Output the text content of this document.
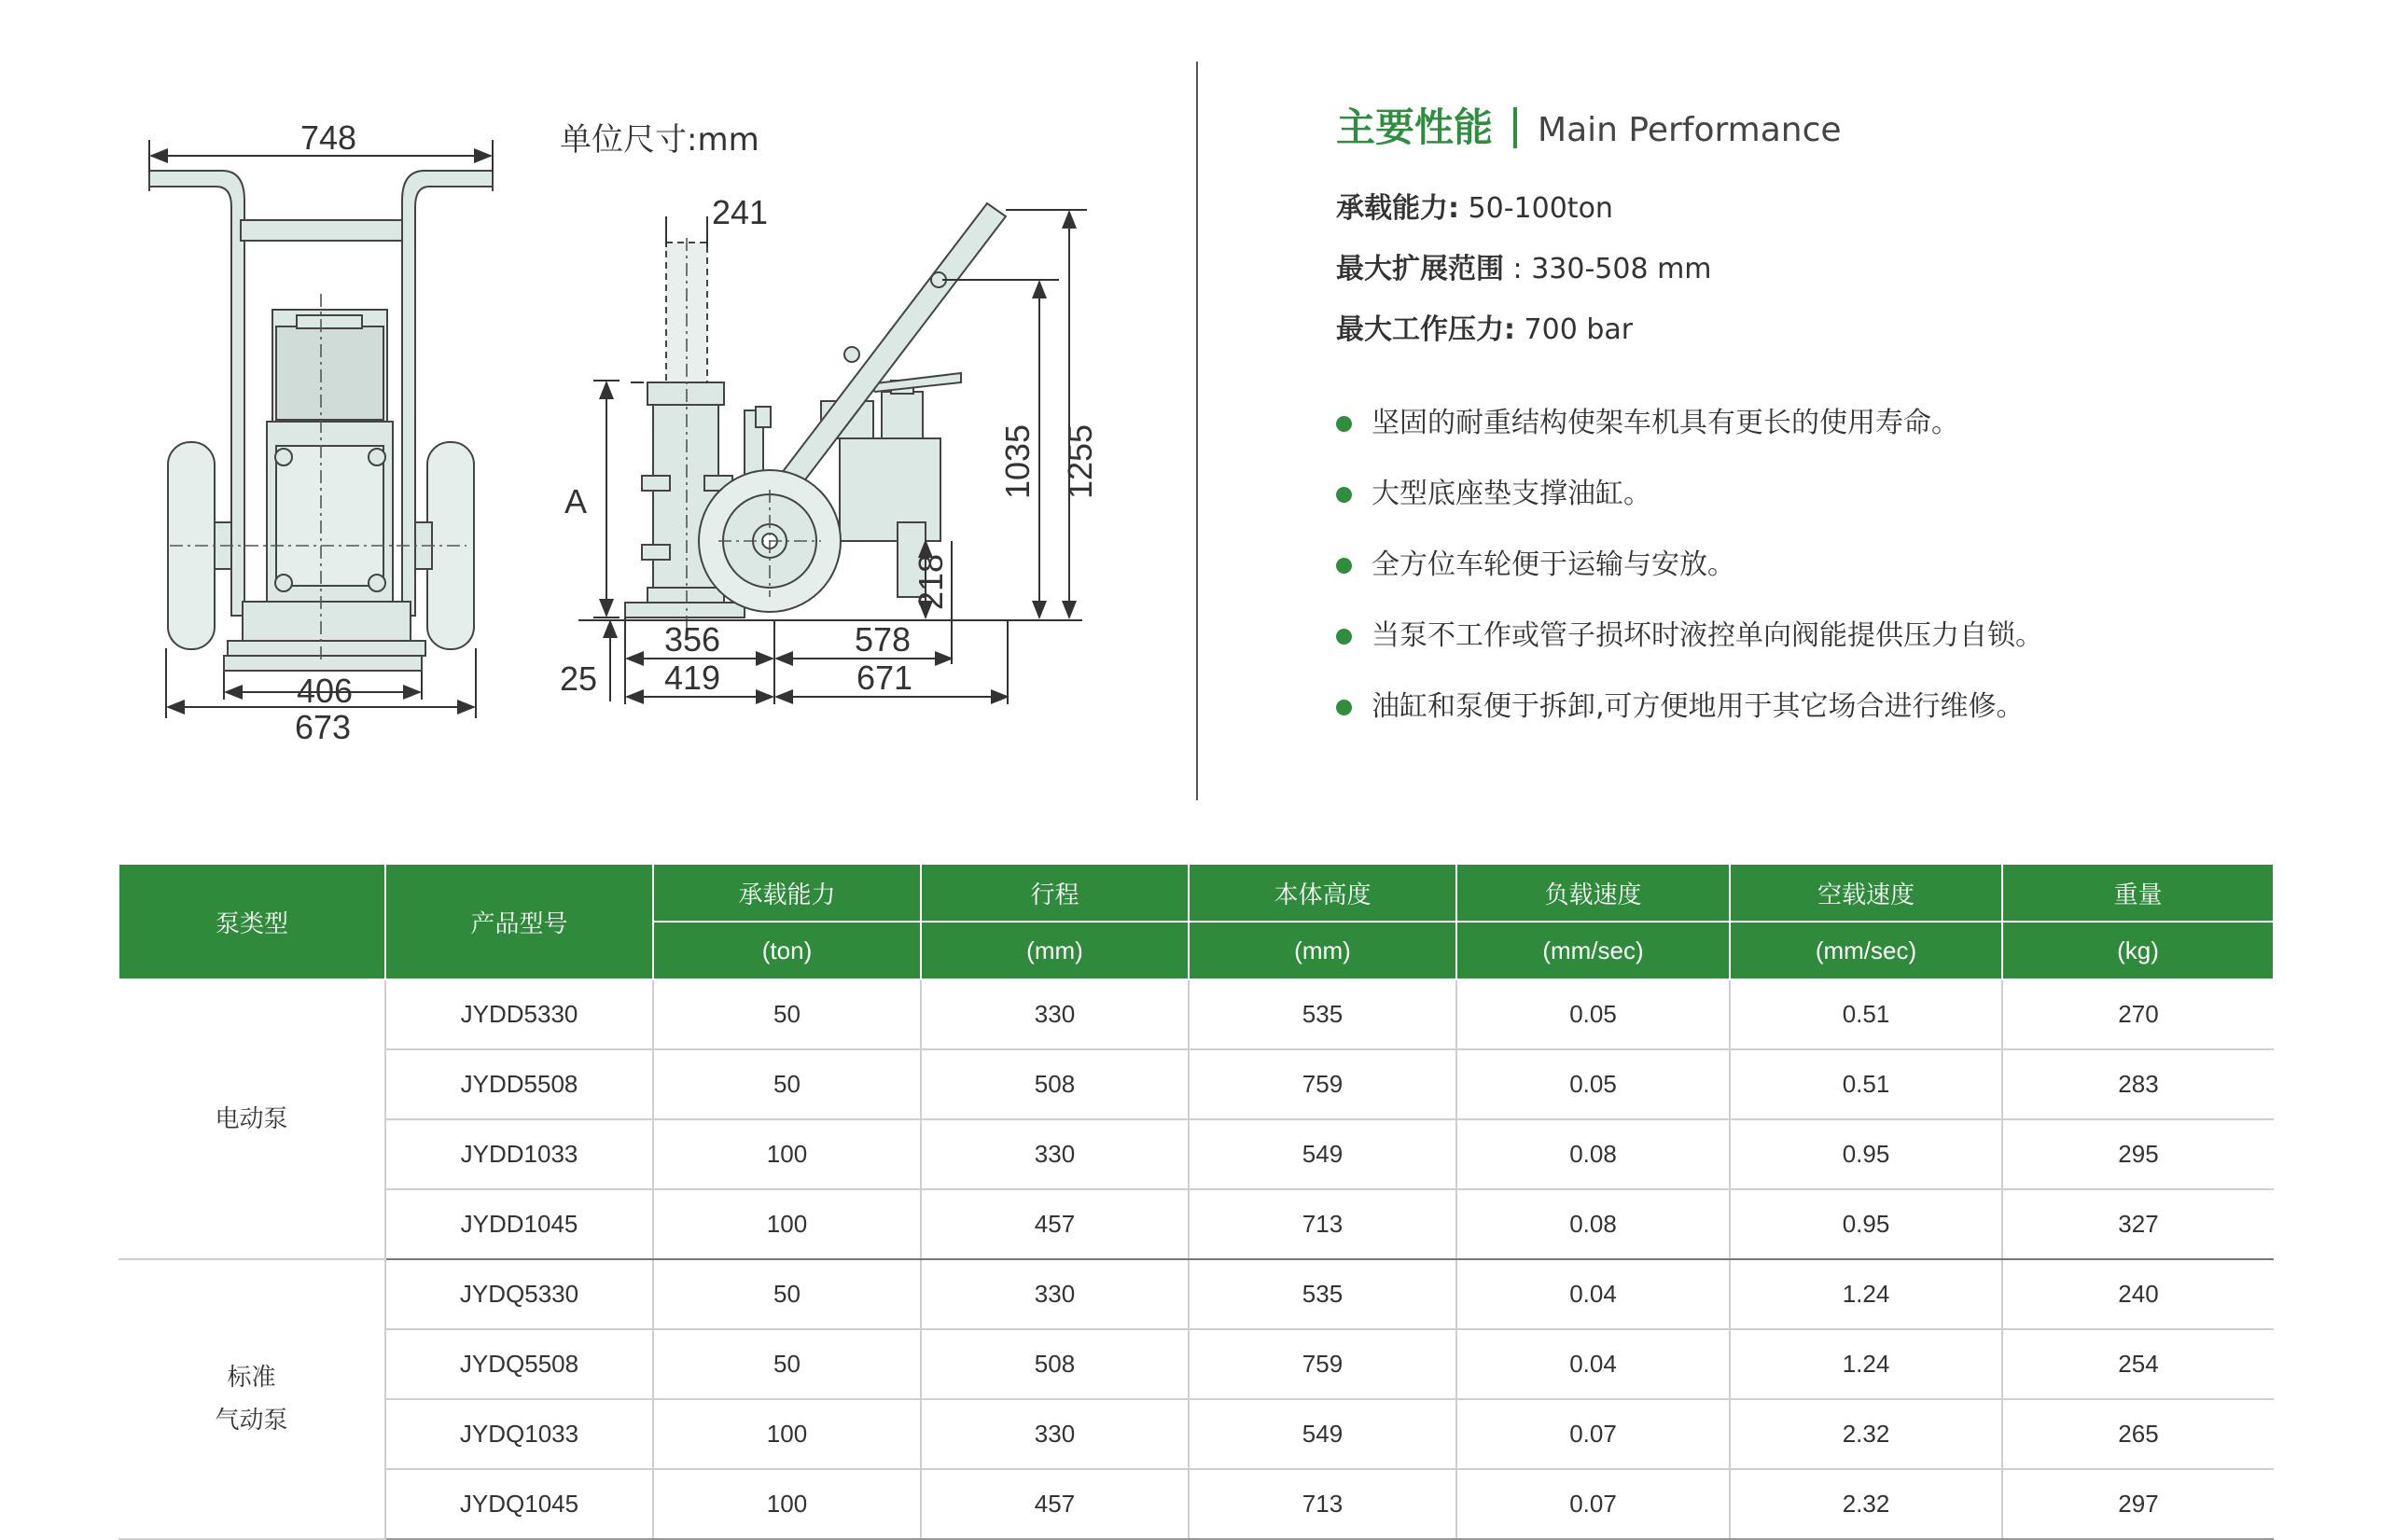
748
406
673
241
A
356
419
25
578
671
218
1035 1255
单位尺寸:mm	主要性能 Main Performance
承载能力: 50-100ton
最大扩展范围 : 330-508 mm
最大工作压力: 700 bar
坚固的耐重结构使架车机具有更长的使用寿命。
大型底座垫支撑油缸。
全方位车轮便于运输与安放。
当泵不工作或管子损坏时液控单向阀能提供压力自锁。
油缸和泵便于拆卸,可方便地用于其它场合进行维修。
泵类型	产品型号	承载能力	行程	本体高度	负载速度	空载速度	重量
		(ton)	(mm)	(mm)	(mm/sec)	(mm/sec)	(kg)

电动泵	JYDD5330	50	330	535	0.05	0.51	270
	JYDD5508	50	508	759	0.05	0.51	283
	JYDD1033	100	330	549	0.08	0.95	295
	JYDD1045	100	457	713	0.08	0.95	327

标准
气动泵	JYDQ5330	50	330	535	0.04	1.24	240
	JYDQ5508	50	508	759	0.04	1.24	254
	JYDQ1033	100	330	549	0.07	2.32	265
	JYDQ1045	100	457	713	0.07	2.32	297
